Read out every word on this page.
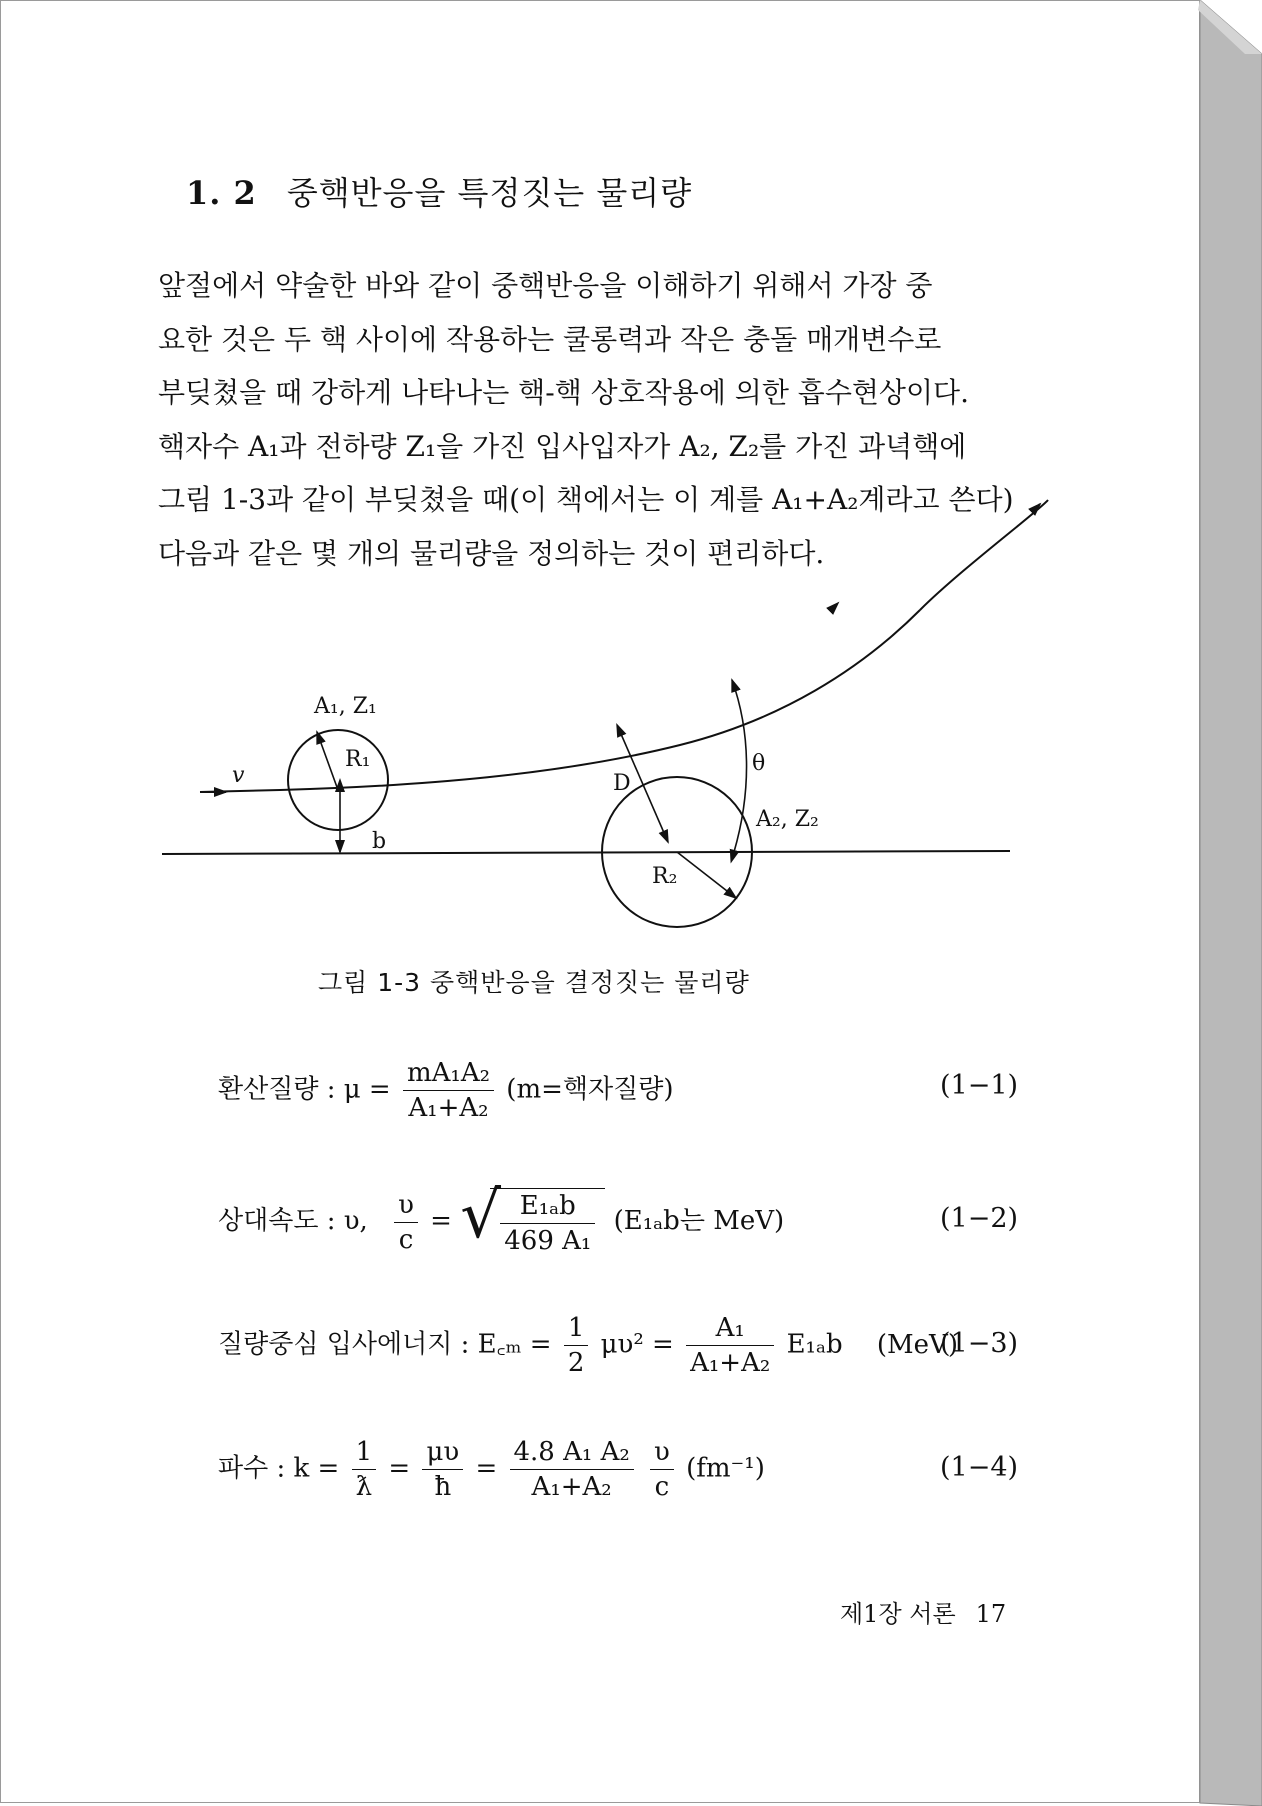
1. 2 중핵반응을 특정짓는 물리량
앞절에서 약술한 바와 같이 중핵반응을 이해하기 위해서 가장 중
요한 것은 두 핵 사이에 작용하는 쿨롱력과 작은 충돌 매개변수로
부딪쳤을 때 강하게 나타나는 핵-핵 상호작용에 의한 흡수현상이다.
핵자수 A₁과 전하량 Z₁을 가진 입사입자가 A₂, Z₂를 가진 과녁핵에
그림 1-3과 같이 부딪쳤을 때(이 책에서는 이 계를 A₁+A₂계라고 쓴다)
다음과 같은 몇 개의 물리량을 정의하는 것이 편리하다.
A₁, Z₁
R₁
v
b
D
θ
A₂, Z₂
R₂
그림 1-3 중핵반응을 결정짓는 물리량
환산질량 : $\mu = \frac{\text{mA₁A₂}}{\text{A₁+A₂}} (m=$핵자질량)	(1−1)
상대속도 : υ, $\frac{\upsilon}{c}$ = √ $\frac{\text{E₁ₐb}}{\text{469 A₁}} (E_{1a}b$는 MeV)	(1−2)
질량중심 입사에너지 : E꜀ₘ = $\frac{1}{2} \mu\upsilon^2 = \frac{\text{A₁}}{\text{A₁+A₂}} E_{1a}b$ (MeV)
(1−3)
파수 : $k = \frac{1}{ƛ} = \frac{\mu\upsilon}{ħ} = \frac{\text{4.8 A₁ A₂}}{\text{A₁+A₂}}$
$\frac{\upsilon}{c} (fm^{-1})$	(1−4)
제1장 서론 17
